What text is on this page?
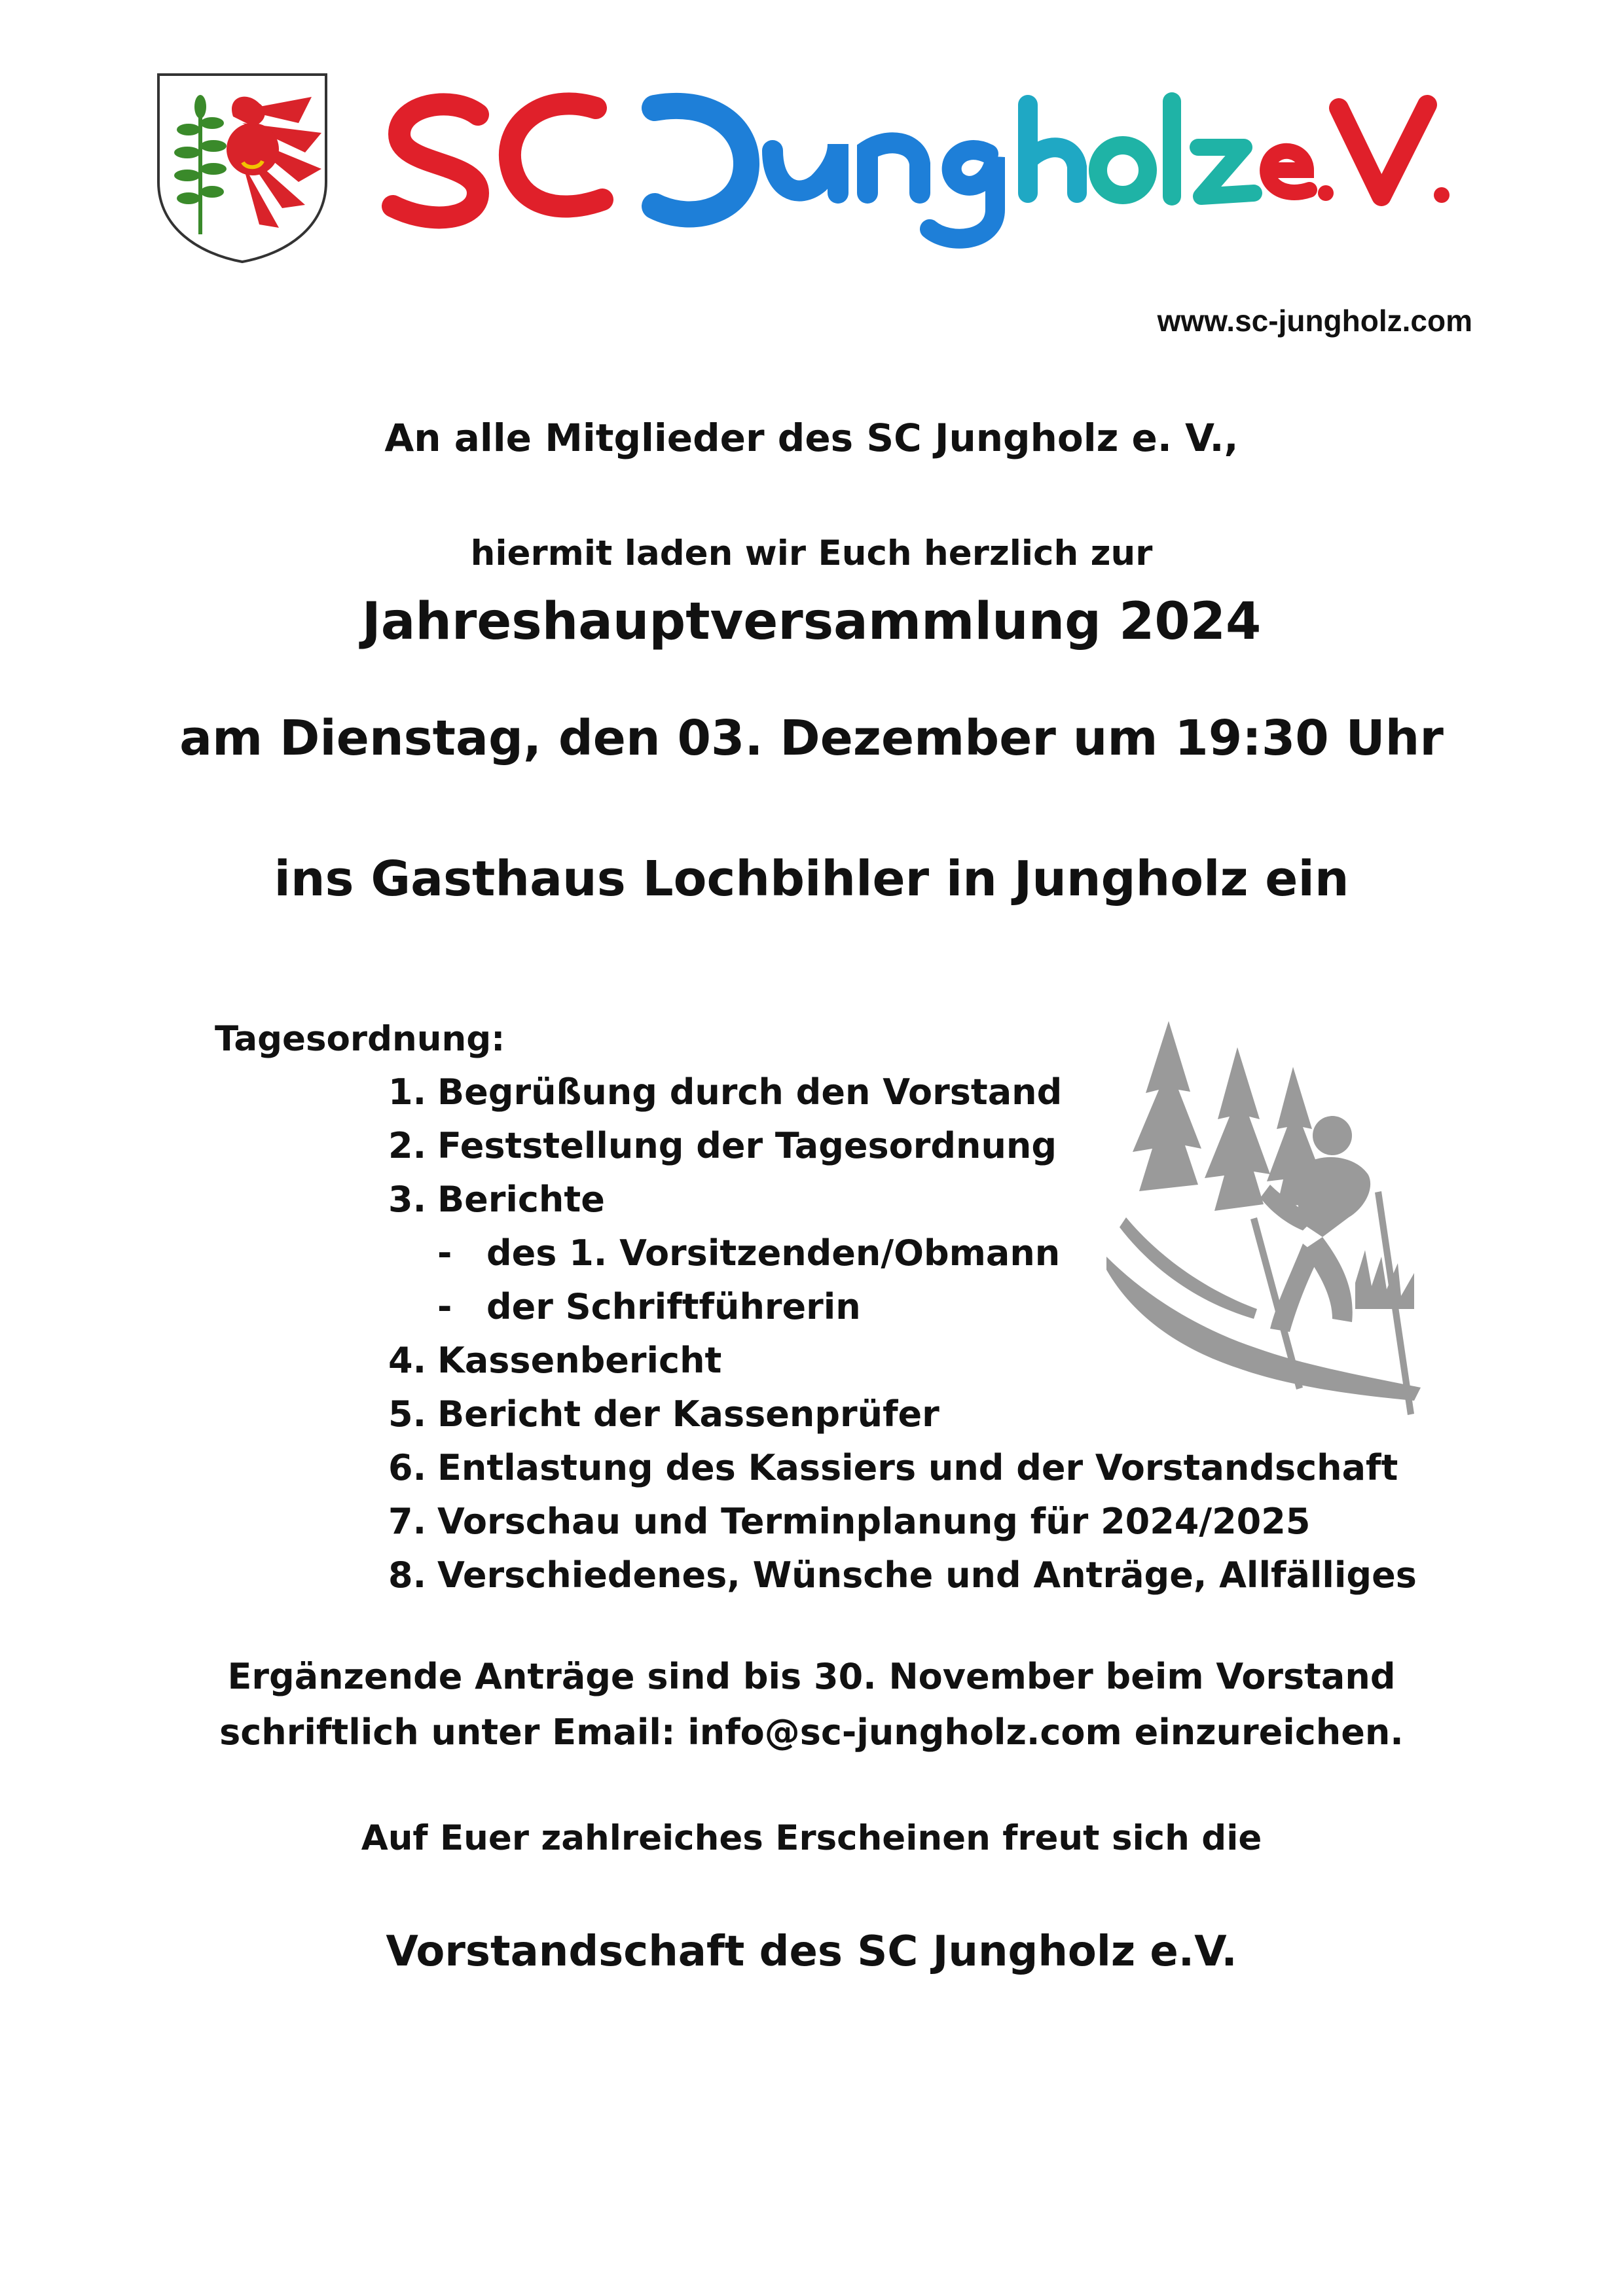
www.sc-jungholz.com
An alle Mitglieder des SC Jungholz e. V.,
hiermit laden wir Euch herzlich zur
Jahreshauptversammlung 2024
am Dienstag, den 03. Dezember um 19:30 Uhr
ins Gasthaus Lochbihler in Jungholz ein
Tagesordnung:
1. Begrüßung durch den Vorstand
2. Feststellung der Tagesordnung
3. Berichte
- des 1. Vorsitzenden/Obmann
- der Schriftführerin
4. Kassenbericht
5. Bericht der Kassenprüfer
6. Entlastung des Kassiers und der Vorstandschaft
7. Vorschau und Terminplanung für 2024/2025
8. Verschiedenes, Wünsche und Anträge, Allfälliges
Ergänzende Anträge sind bis 30. November beim Vorstand
schriftlich unter Email: info@sc-jungholz.com einzureichen.
Auf Euer zahlreiches Erscheinen freut sich die
Vorstandschaft des SC Jungholz e.V.
